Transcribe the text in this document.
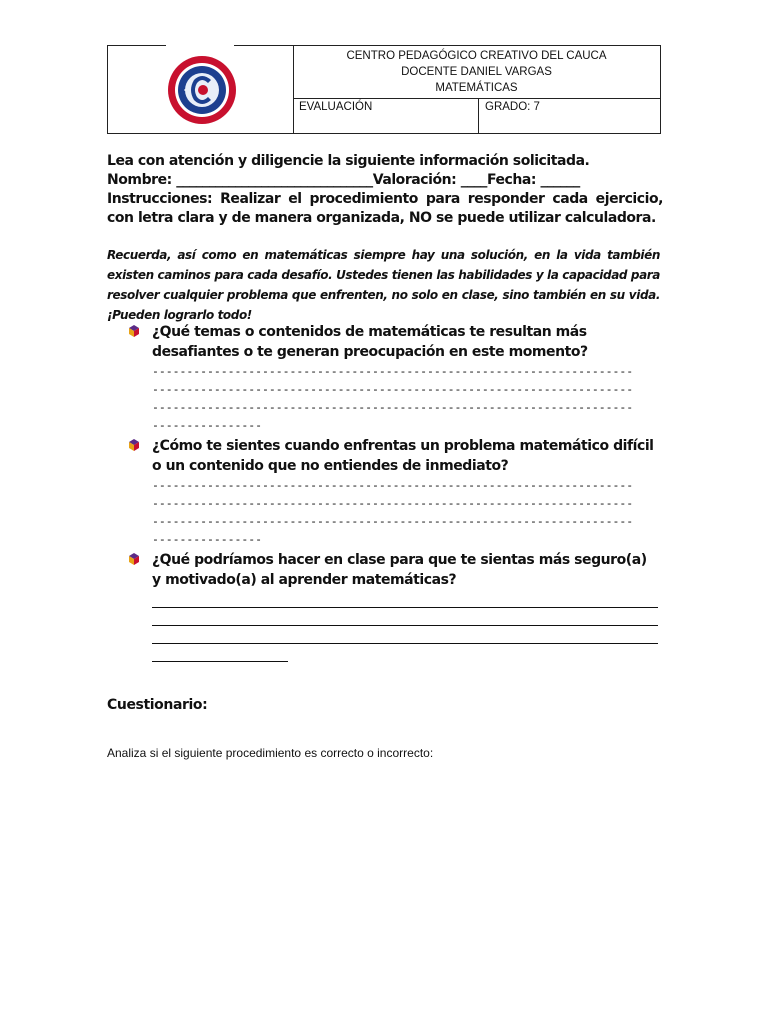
CENTRO PEDAGÓGICO CREATIVO DEL CAUCA
DOCENTE DANIEL VARGAS
MATEMÁTICAS
EVALUACIÓN	GRADO: 7

Lea con atención y diligencie la siguiente información solicitada.

Nombre: ______________________________Valoración: ____Fecha: ______

Instrucciones: Realizar el procedimiento para responder cada ejercicio, con letra clara y de manera organizada, NO se puede utilizar calculadora.

Recuerda, así como en matemáticas siempre hay una solución, en la vida también existen caminos para cada desafío. Ustedes tienen las habilidades y la capacidad para resolver cualquier problema que enfrenten, no solo en clase, sino también en su vida. ¡Pueden lograrlo todo!
¿Qué temas o contenidos de matemáticas te resultan más desafiantes o te generan preocupación en este momento?
----------------------------------------------------------------------
----------------------------------------------------------------------
----------------------------------------------------------------------
----------------
¿Cómo te sientes cuando enfrentas un problema matemático difícil o un contenido que no entiendes de inmediato?
----------------------------------------------------------------------
----------------------------------------------------------------------
----------------------------------------------------------------------
----------------
¿Qué podríamos hacer en clase para que te sientas más seguro(a) y motivado(a) al aprender matemáticas?
Cuestionario:
Analiza si el siguiente procedimiento es correcto o incorrecto:
